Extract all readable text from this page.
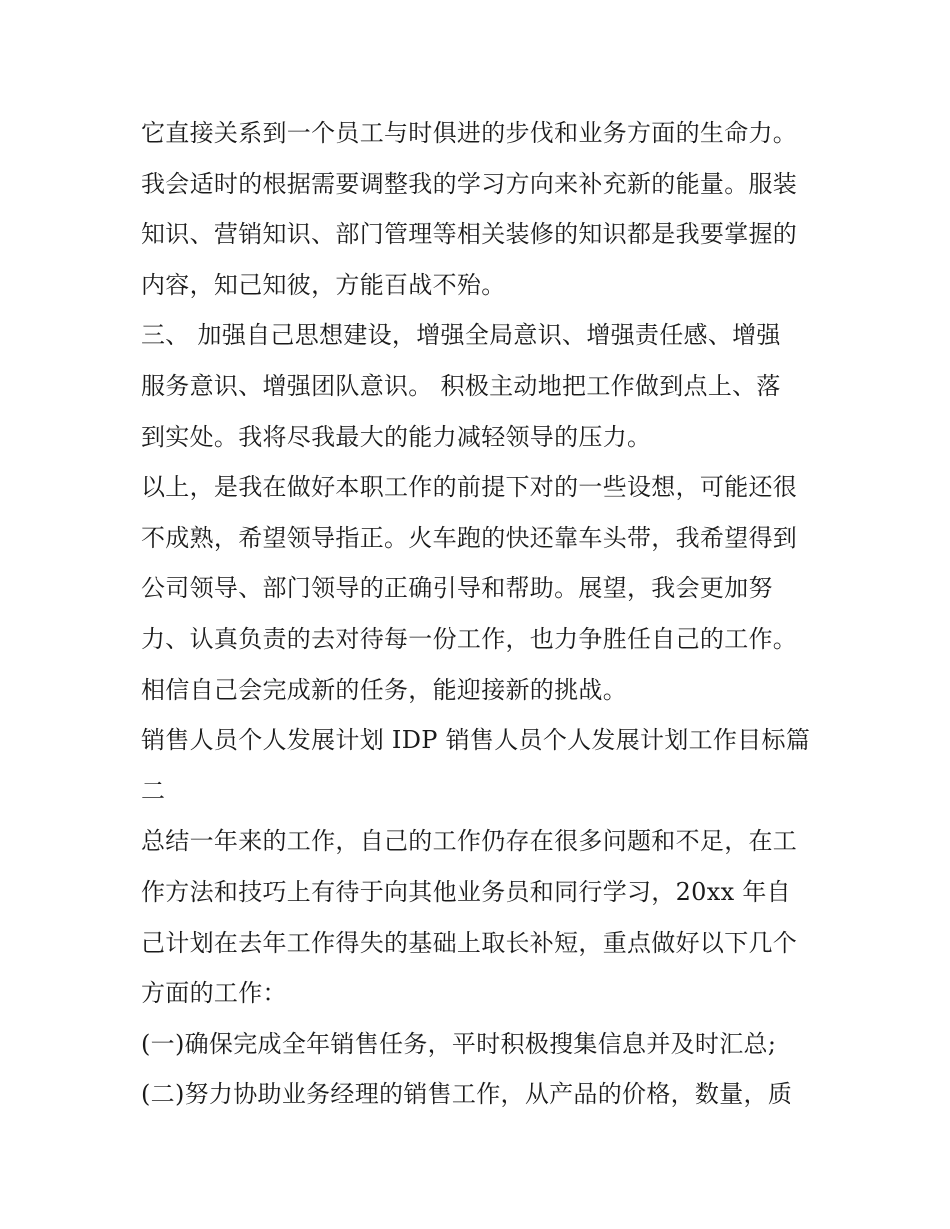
它直接关系到一个员工与时俱进的步伐和业务方面的生命力。
我会适时的根据需要调整我的学习方向来补充新的能量。服装
知识、营销知识、部门管理等相关装修的知识都是我要掌握的
内容，知己知彼，方能百战不殆。
三、 加强自己思想建设，增强全局意识、增强责任感、增强
服务意识、增强团队意识。 积极主动地把工作做到点上、落
到实处。我将尽我最大的能力减轻领导的压力。
以上，是我在做好本职工作的前提下对的一些设想，可能还很
不成熟，希望领导指正。火车跑的快还靠车头带，我希望得到
公司领导、部门领导的正确引导和帮助。展望，我会更加努
力、认真负责的去对待每一份工作，也力争胜任自己的工作。
相信自己会完成新的任务，能迎接新的挑战。
销售人员个人发展计划 IDP 销售人员个人发展计划工作目标篇
二
总结一年来的工作，自己的工作仍存在很多问题和不足，在工
作方法和技巧上有待于向其他业务员和同行学习，20xx 年自
己计划在去年工作得失的基础上取长补短，重点做好以下几个
方面的工作：
(一)确保完成全年销售任务，平时积极搜集信息并及时汇总;
(二)努力协助业务经理的销售工作，从产品的价格，数量，质
